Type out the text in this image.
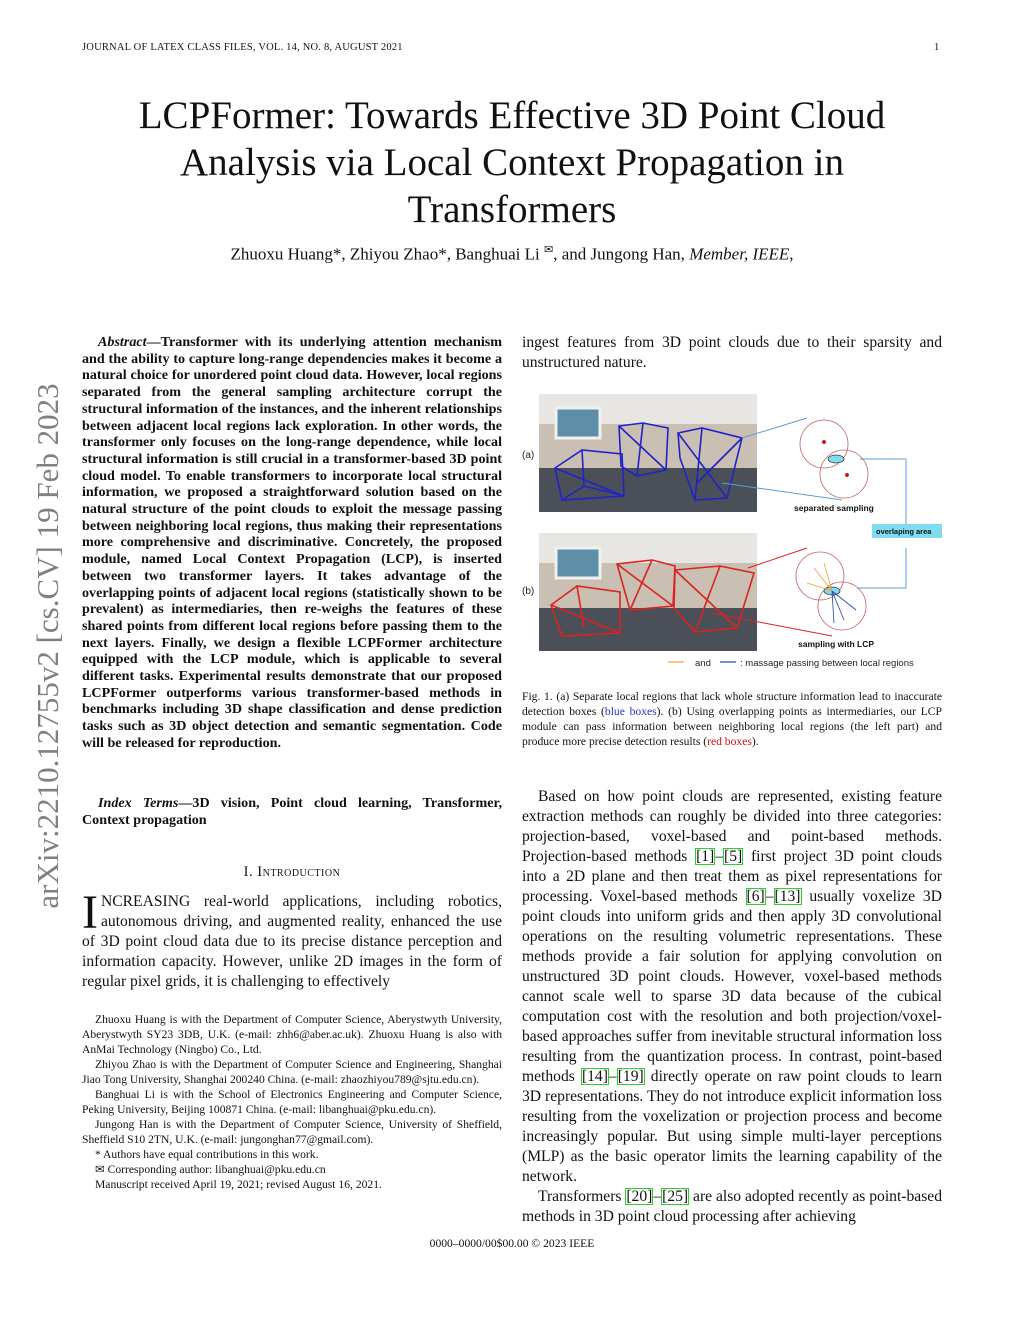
JOURNAL OF LATEX CLASS FILES, VOL. 14, NO. 8, AUGUST 2021	1
LCPFormer: Towards Effective 3D Point Cloud Analysis via Local Context Propagation in Transformers
Zhuoxu Huang*, Zhiyou Zhao*, Banghuai Li ✉, and Jungong Han, Member, IEEE,
arXiv:2210.12755v2 [cs.CV] 19 Feb 2023
Abstract—Transformer with its underlying attention mechanism and the ability to capture long-range dependencies makes it become a natural choice for unordered point cloud data. However, local regions separated from the general sampling architecture corrupt the structural information of the instances, and the inherent relationships between adjacent local regions lack exploration. In other words, the transformer only focuses on the long-range dependence, while local structural information is still crucial in a transformer-based 3D point cloud model. To enable transformers to incorporate local structural information, we proposed a straightforward solution based on the natural structure of the point clouds to exploit the message passing between neighboring local regions, thus making their representations more comprehensive and discriminative. Concretely, the proposed module, named Local Context Propagation (LCP), is inserted between two transformer layers. It takes advantage of the overlapping points of adjacent local regions (statistically shown to be prevalent) as intermediaries, then re-weighs the features of these shared points from different local regions before passing them to the next layers. Finally, we design a flexible LCPFormer architecture equipped with the LCP module, which is applicable to several different tasks. Experimental results demonstrate that our proposed LCPFormer outperforms various transformer-based methods in benchmarks including 3D shape classification and dense prediction tasks such as 3D object detection and semantic segmentation. Code will be released for reproduction.
Index Terms—3D vision, Point cloud learning, Transformer, Context propagation
I. Introduction
INCREASING real-world applications, including robotics, autonomous driving, and augmented reality, enhanced the use of 3D point cloud data due to its precise distance perception and information capacity. However, unlike 2D images in the form of regular pixel grids, it is challenging to effectively

Zhuoxu Huang is with the Department of Computer Science, Aberystwyth University, Aberystwyth SY23 3DB, U.K. (e-mail: zhh6@aber.ac.uk). Zhuoxu Huang is also with AnMai Technology (Ningbo) Co., Ltd.

Zhiyou Zhao is with the Department of Computer Science and Engineering, Shanghai Jiao Tong University, Shanghai 200240 China. (e-mail: zhaozhiyou789@sjtu.edu.cn).

Banghuai Li is with the School of Electronics Engineering and Computer Science, Peking University, Beijing 100871 China. (e-mail: libanghuai@pku.edu.cn).

Jungong Han is with the Department of Computer Science, University of Sheffield, Sheffield S10 2TN, U.K. (e-mail: jungonghan77@gmail.com).

* Authors have equal contributions in this work.

✉ Corresponding author: libanghuai@pku.edu.cn

Manuscript received April 19, 2021; revised August 16, 2021.

ingest features from 3D point clouds due to their sparsity and unstructured nature.
(a)
(b)
separated sampling
overlaping area
sampling with LCP
and	: massage passing between local regions
Fig. 1. (a) Separate local regions that lack whole structure information lead to inaccurate detection boxes (blue boxes). (b) Using overlapping points as intermediaries, our LCP module can pass information between neighboring local regions (the left part) and produce more precise detection results (red boxes).

Based on how point clouds are represented, existing feature extraction methods can roughly be divided into three categories: projection-based, voxel-based and point-based methods. Projection-based methods [1]–[5] first project 3D point clouds into a 2D plane and then treat them as pixel representations for processing. Voxel-based methods [6]–[13] usually voxelize 3D point clouds into uniform grids and then apply 3D convolutional operations on the resulting volumetric representations. These methods provide a fair solution for applying convolution on unstructured 3D point clouds. However, voxel-based methods cannot scale well to sparse 3D data because of the cubical computation cost with the resolution and both projection/voxel-based approaches suffer from inevitable structural information loss resulting from the quantization process. In contrast, point-based methods [14]–[19] directly operate on raw point clouds to learn 3D representations. They do not introduce explicit information loss resulting from the voxelization or projection process and become increasingly popular. But using simple multi-layer perceptions (MLP) as the basic operator limits the learning capability of the network.

Transformers [20]–[25] are also adopted recently as point-based methods in 3D point cloud processing after achieving

0000–0000/00$00.00 © 2023 IEEE
